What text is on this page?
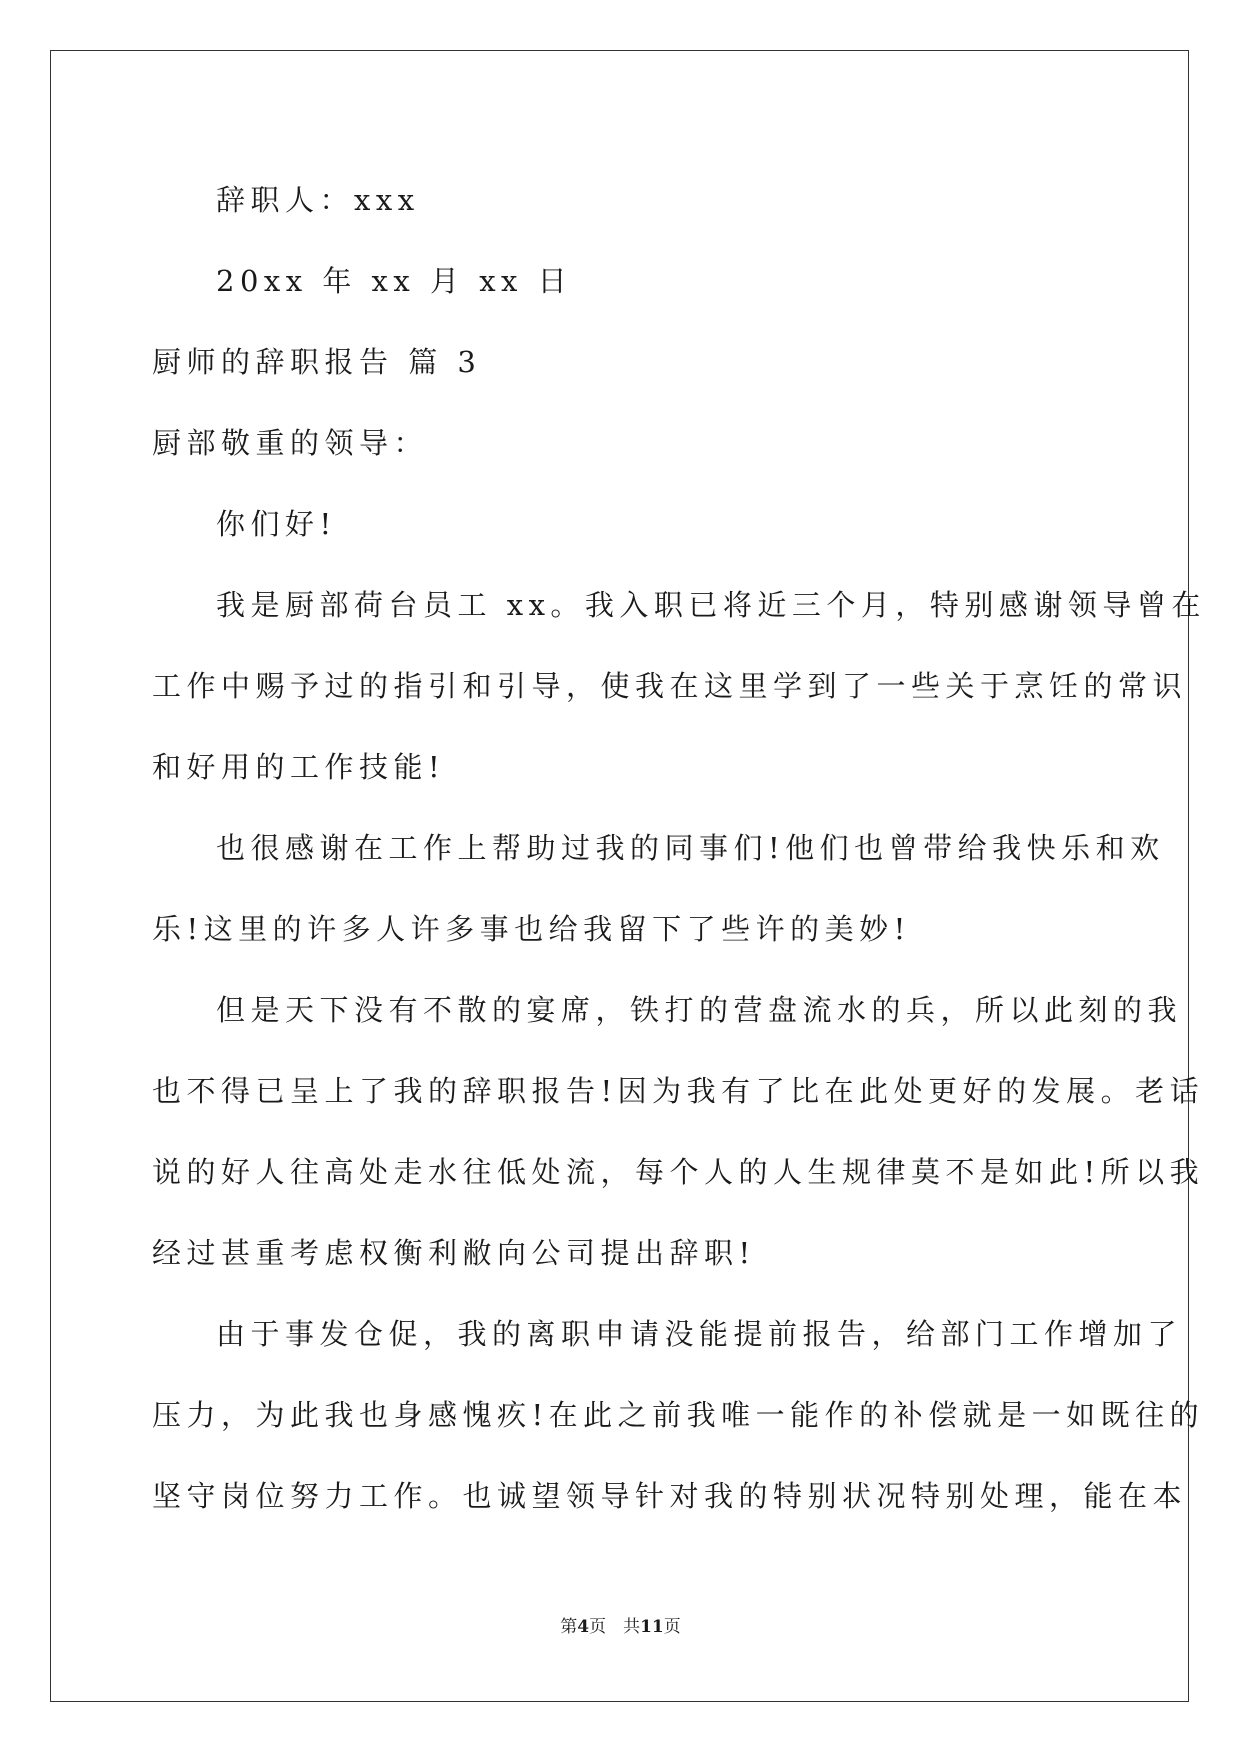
辞职人：xxx
20xx 年 xx 月 xx 日
厨师的辞职报告 篇 3
厨部敬重的领导：
你们好!
我是厨部荷台员工 xx。我入职已将近三个月，特别感谢领导曾在
工作中赐予过的指引和引导，使我在这里学到了一些关于烹饪的常识
和好用的工作技能!
也很感谢在工作上帮助过我的同事们!他们也曾带给我快乐和欢
乐!这里的许多人许多事也给我留下了些许的美妙!
但是天下没有不散的宴席，铁打的营盘流水的兵，所以此刻的我
也不得已呈上了我的辞职报告!因为我有了比在此处更好的发展。老话
说的好人往高处走水往低处流，每个人的人生规律莫不是如此!所以我
经过甚重考虑权衡利敝向公司提出辞职!
由于事发仓促，我的离职申请没能提前报告，给部门工作增加了
压力，为此我也身感愧疚!在此之前我唯一能作的补偿就是一如既往的
坚守岗位努力工作。也诚望领导针对我的特别状况特别处理，能在本
第4页　共11页
